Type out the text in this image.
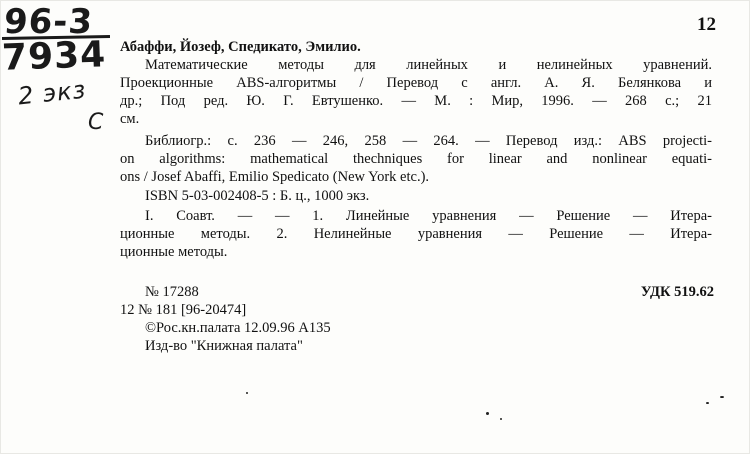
96-3
7934
2 экз
С
12
Абаффи, Йозеф, Спедикато, Эмилио.
Математические методы для линейных и нелинейных уравнений.
Проекционные ABS-алгоритмы / Перевод с англ. А. Я. Белянкова и
др.; Под ред. Ю. Г. Евтушенко. — М. : Мир, 1996. — 268 с.; 21
см.
Библиогр.: с. 236 — 246, 258 — 264. — Перевод изд.: ABS projecti-
on algorithms: mathematical thechniques for linear and nonlinear equati-
ons / Josef Abaffi, Emilio Spedicato (New York etc.).
ISBN 5-03-002408-5 : Б. ц., 1000 экз.
I. Соавт. — — 1. Линейные уравнения — Решение — Итера-
ционные методы. 2. Нелинейные уравнения — Решение — Итера-
ционные методы.
№ 17288	УДК 519.62
12 № 181 [96-20474]
©Рос.кн.палата 12.09.96 А135
Изд-во "Книжная палата"
